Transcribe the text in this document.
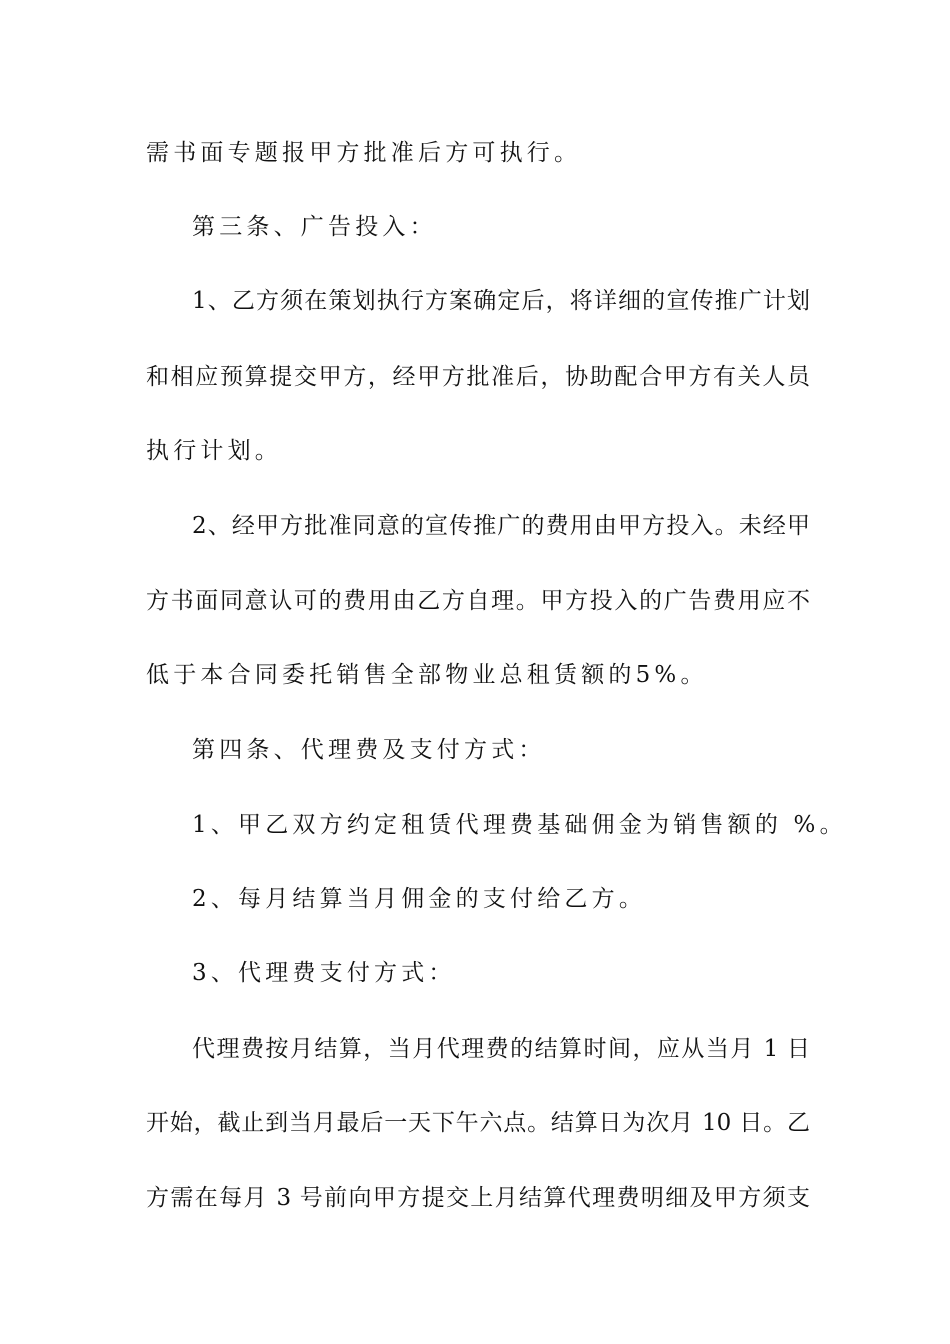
需书面专题报甲方批准后方可执行。
第三条、广告投入：
1、乙方须在策划执行方案确定后，将详细的宣传推广计划
和相应预算提交甲方，经甲方批准后，协助配合甲方有关人员
执行计划。
2、经甲方批准同意的宣传推广的费用由甲方投入。未经甲
方书面同意认可的费用由乙方自理。甲方投入的广告费用应不
低于本合同委托销售全部物业总租赁额的5%。
第四条、代理费及支付方式：
1、甲乙双方约定租赁代理费基础佣金为销售额的 %。
2、每月结算当月佣金的支付给乙方。
3、代理费支付方式：
代理费按月结算，当月代理费的结算时间，应从当月 1 日
开始，截止到当月最后一天下午六点。结算日为次月 10 日。乙
方需在每月 3 号前向甲方提交上月结算代理费明细及甲方须支
